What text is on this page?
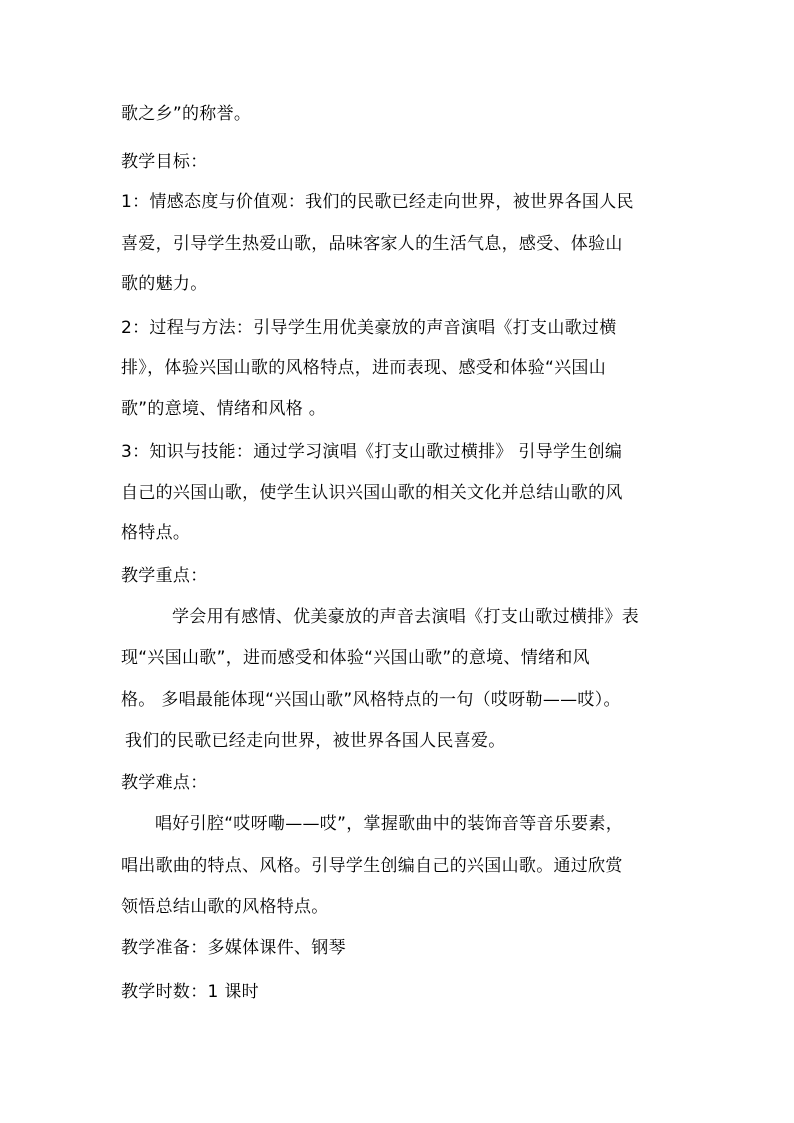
歌之乡”的称誉。
教学目标：
1：情感态度与价值观：我们的民歌已经走向世界，被世界各国人民
喜爱，引导学生热爱山歌，品味客家人的生活气息，感受、体验山
歌的魅力。
2：过程与方法：引导学生用优美豪放的声音演唱《打支山歌过横
排》，体验兴国山歌的风格特点，进而表现、感受和体验“兴国山
歌”的意境、情绪和风格 。
3：知识与技能：通过学习演唱《打支山歌过横排》 引导学生创编
自己的兴国山歌，使学生认识兴国山歌的相关文化并总结山歌的风
格特点。
教学重点：
学会用有感情、优美豪放的声音去演唱《打支山歌过横排》表
现“兴国山歌”，进而感受和体验“兴国山歌”的意境、情绪和风
格。 多唱最能体现“兴国山歌”风格特点的一句（哎呀勒——哎）。
我们的民歌已经走向世界，被世界各国人民喜爱。
教学难点：
唱好引腔“哎呀嘞——哎”，掌握歌曲中的装饰音等音乐要素，
唱出歌曲的特点、风格。引导学生创编自己的兴国山歌。通过欣赏
领悟总结山歌的风格特点。
教学准备：多媒体课件、钢琴
教学时数：1 课时
